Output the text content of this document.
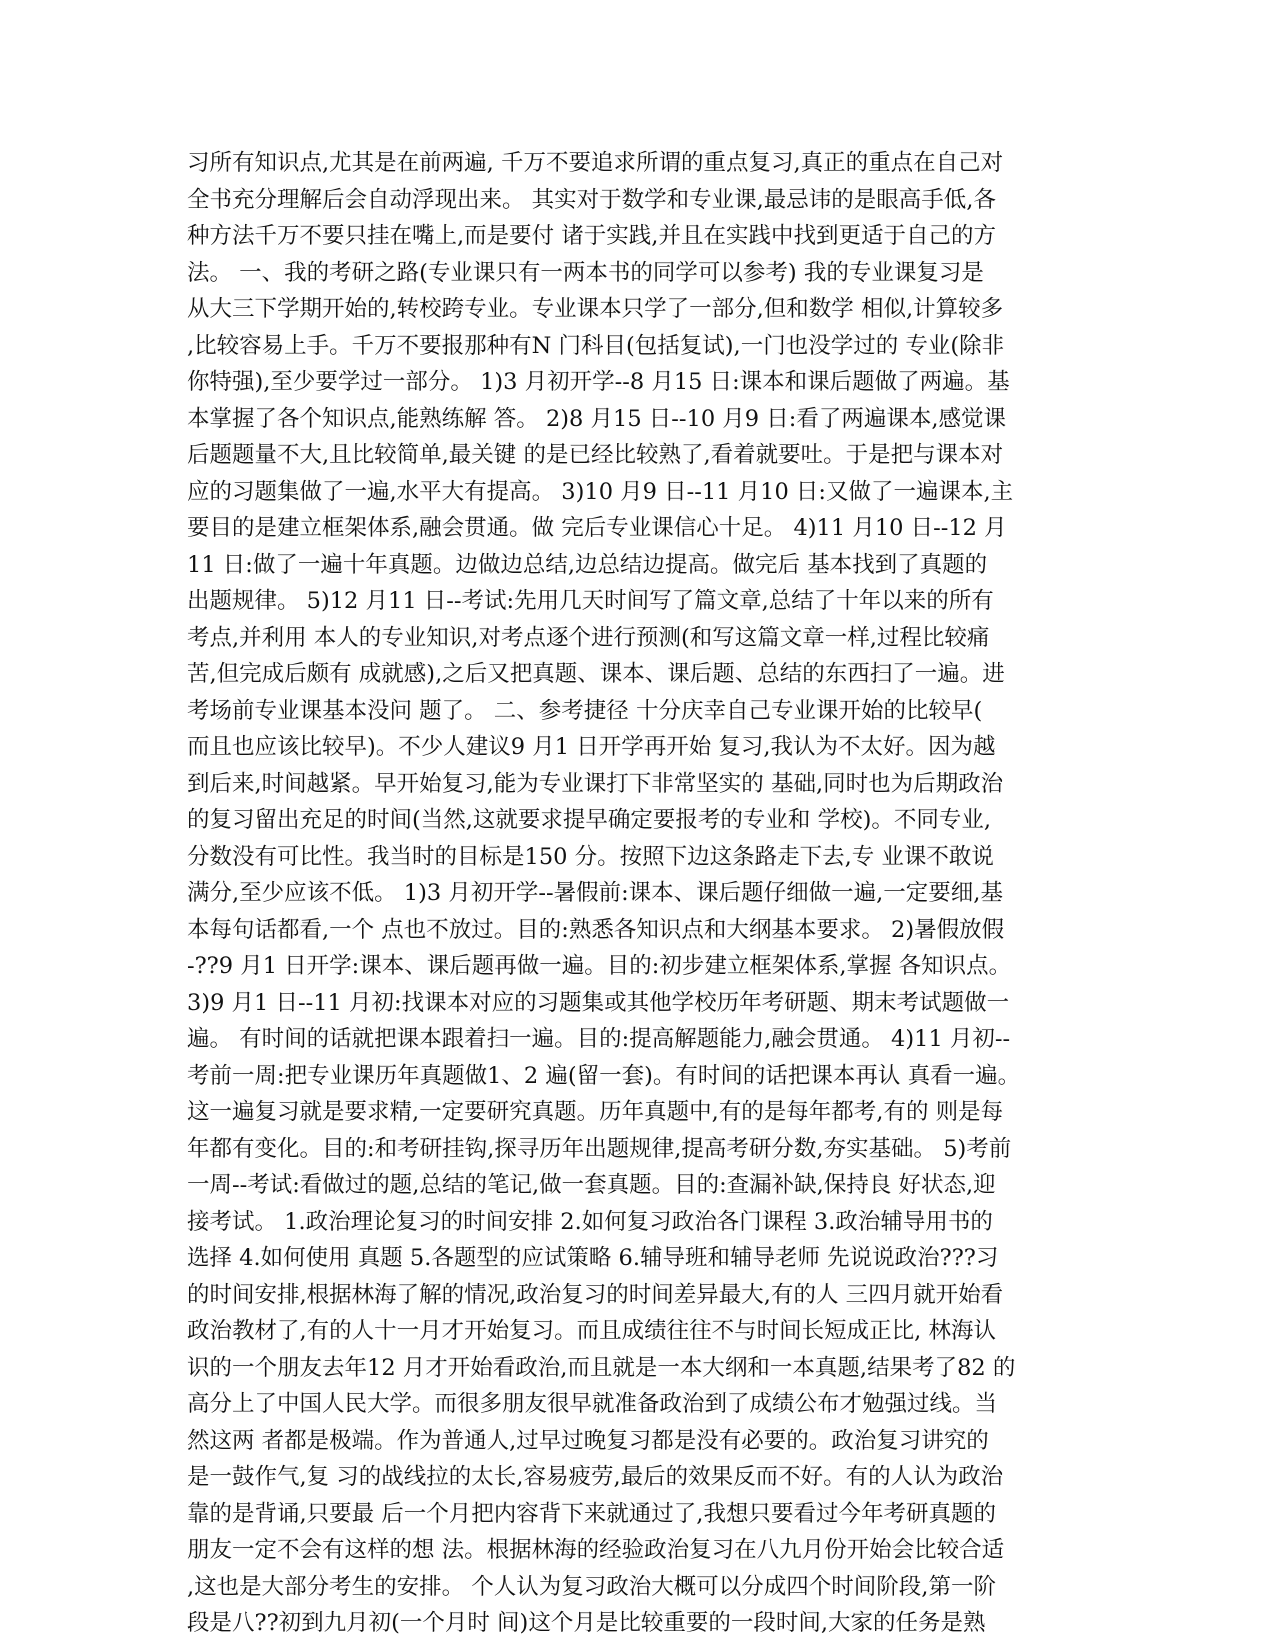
习所有知识点,尤其是在前两遍, 千万不要追求所谓的重点复习,真正的重点在自己对
全书充分理解后会自动浮现出来。 其实对于数学和专业课,最忌讳的是眼高手低,各
种方法千万不要只挂在嘴上,而是要付 诸于实践,并且在实践中找到更适于自己的方
法。 一、我的考研之路(专业课只有一两本书的同学可以参考) 我的专业课复习是
从大三下学期开始的,转校跨专业。专业课本只学了一部分,但和数学 相似,计算较多
,比较容易上手。千万不要报那种有N 门科目(包括复试),一门也没学过的 专业(除非
你特强),至少要学过一部分。 1)3 月初开学--8 月15 日:课本和课后题做了两遍。基
本掌握了各个知识点,能熟练解 答。 2)8 月15 日--10 月9 日:看了两遍课本,感觉课
后题题量不大,且比较简单,最关键 的是已经比较熟了,看着就要吐。于是把与课本对
应的习题集做了一遍,水平大有提高。 3)10 月9 日--11 月10 日:又做了一遍课本,主
要目的是建立框架体系,融会贯通。做 完后专业课信心十足。 4)11 月10 日--12 月
11 日:做了一遍十年真题。边做边总结,边总结边提高。做完后 基本找到了真题的
出题规律。 5)12 月11 日--考试:先用几天时间写了篇文章,总结了十年以来的所有
考点,并利用 本人的专业知识,对考点逐个进行预测(和写这篇文章一样,过程比较痛
苦,但完成后颇有 成就感),之后又把真题、课本、课后题、总结的东西扫了一遍。进
考场前专业课基本没问 题了。 二、参考捷径 十分庆幸自己专业课开始的比较早(
而且也应该比较早)。不少人建议9 月1 日开学再开始 复习,我认为不太好。因为越
到后来,时间越紧。早开始复习,能为专业课打下非常坚实的 基础,同时也为后期政治
的复习留出充足的时间(当然,这就要求提早确定要报考的专业和 学校)。不同专业,
分数没有可比性。我当时的目标是150 分。按照下边这条路走下去,专 业课不敢说
满分,至少应该不低。 1)3 月初开学--暑假前:课本、课后题仔细做一遍,一定要细,基
本每句话都看,一个 点也不放过。目的:熟悉各知识点和大纲基本要求。 2)暑假放假
-??9 月1 日开学:课本、课后题再做一遍。目的:初步建立框架体系,掌握 各知识点。
3)9 月1 日--11 月初:找课本对应的习题集或其他学校历年考研题、期末考试题做一
遍。 有时间的话就把课本跟着扫一遍。目的:提高解题能力,融会贯通。 4)11 月初--
考前一周:把专业课历年真题做1、2 遍(留一套)。有时间的话把课本再认 真看一遍。
这一遍复习就是要求精,一定要研究真题。历年真题中,有的是每年都考,有的 则是每
年都有变化。目的:和考研挂钩,探寻历年出题规律,提高考研分数,夯实基础。 5)考前
一周--考试:看做过的题,总结的笔记,做一套真题。目的:查漏补缺,保持良 好状态,迎
接考试。 1.政治理论复习的时间安排 2.如何复习政治各门课程 3.政治辅导用书的
选择 4.如何使用 真题 5.各题型的应试策略 6.辅导班和辅导老师 先说说政治???习
的时间安排,根据林海了解的情况,政治复习的时间差异最大,有的人 三四月就开始看
政治教材了,有的人十一月才开始复习。而且成绩往往不与时间长短成正比, 林海认
识的一个朋友去年12 月才开始看政治,而且就是一本大纲和一本真题,结果考了82 的
高分上了中国人民大学。而很多朋友很早就准备政治到了成绩公布才勉强过线。当
然这两 者都是极端。作为普通人,过早过晚复习都是没有必要的。政治复习讲究的
是一鼓作气,复 习的战线拉的太长,容易疲劳,最后的效果反而不好。有的人认为政治
靠的是背诵,只要最 后一个月把内容背下来就通过了,我想只要看过今年考研真题的
朋友一定不会有这样的想 法。根据林海的经验政治复习在八九月份开始会比较合适
,这也是大部分考生的安排。 个人认为复习政治大概可以分成四个时间阶段,第一阶
段是八??初到九月初(一个月时 间)这个月是比较重要的一段时间,大家的任务是熟
